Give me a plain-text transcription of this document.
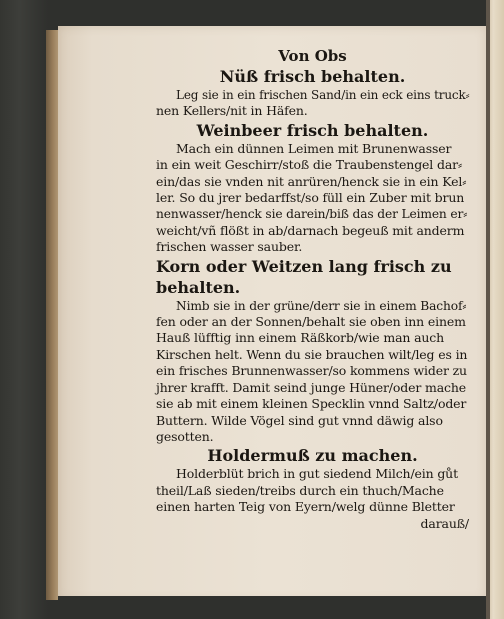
Von Obs
Nüß frisch behalten.
Leg sie in ein frischen Sand/in ein eck eins truck⸗
nen Kellers/nit in Häfen.
Weinbeer frisch behalten.
Mach ein dünnen Leimen mit Brunenwasser
in ein weit Geschirr/stoß die Traubenstengel dar⸗
ein/das sie vnden nit anrüren/henck sie in ein Kel⸗
ler. So du jrer bedarffst/so füll ein Zuber mit brun
nenwasser/henck sie darein/biß das der Leimen er⸗
weicht/vñ flößt in ab/darnach begeuß mit anderm
frischen wasser sauber.
Korn oder Weitzen lang frisch zu behalten.
Nimb sie in der grüne/derr sie in einem Bachof⸗
fen oder an der Sonnen/behalt sie oben inn einem
Hauß lüfftig inn einem Räßkorb/wie man auch
Kirschen helt. Wenn du sie brauchen wilt/leg es in
ein frisches Brunnenwasser/so kommens wider zu
jhrer krafft. Damit seind junge Hüner/oder mache
sie ab mit einem kleinen Specklin vnnd Saltz/oder
Buttern. Wilde Vögel sind gut vnnd däwig also
gesotten.
Holdermuß zu machen.
Holderblüt brich in gut siedend Milch/ein gůt
theil/Laß sieden/treibs durch ein thuch/Mache
einen harten Teig von Eyern/welg dünne Bletter
darauß/
